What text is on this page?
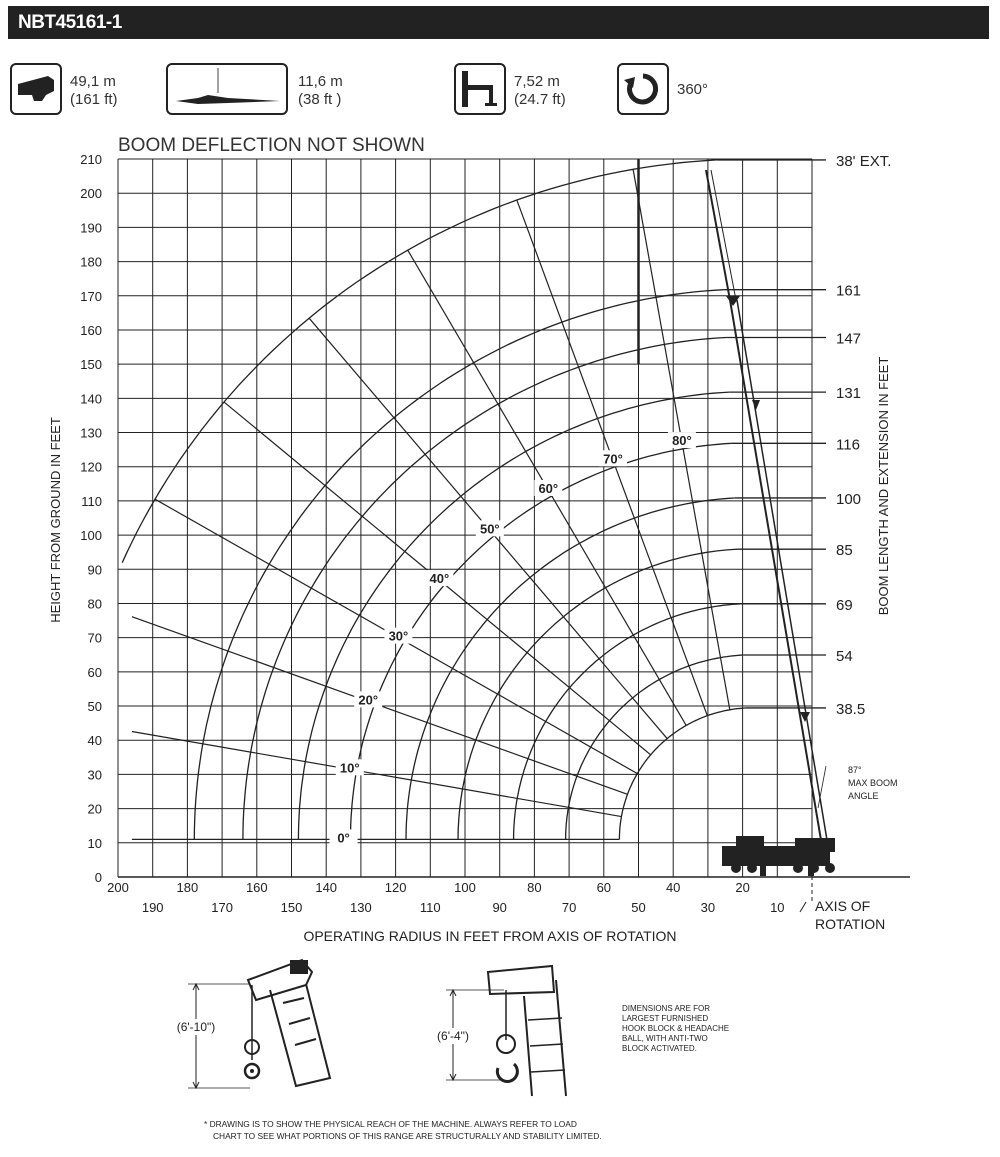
NBT45161-1
49,1 m
(161 ft)
11,6 m
(38 ft )
7,52 m
(24.7 ft)
360°
BOOM DEFLECTION NOT SHOWN
0
10
20
30
40
50
60
70
80
90
100
110
120
130
140
150
160
170
180
190
200
210
200	180	160	140	120	100	80	60	40	20
190	170	150	130	110	90	70	50	30	10
38' EXT.
161
147
131
116
100
85
69
54
38.5
0°
10°
20°
30°
40°
50°
60°
70°
80°
87°
MAX BOOM
ANGLE
OPERATING RADIUS IN FEET FROM AXIS OF ROTATION
HEIGHT FROM GROUND IN FEET	BOOM LENGTH AND EXTENSION IN FEET
AXIS OF ROTATION
(6'-10")
(6'-4")
DIMENSIONS ARE FOR
LARGEST FURNISHED
HOOK BLOCK & HEADACHE
BALL, WITH ANTI-TWO
BLOCK ACTIVATED.
* DRAWING IS TO SHOW THE PHYSICAL REACH OF THE MACHINE. ALWAYS REFER TO LOAD
CHART TO SEE WHAT PORTIONS OF THIS RANGE ARE STRUCTURALLY AND STABILITY LIMITED.
